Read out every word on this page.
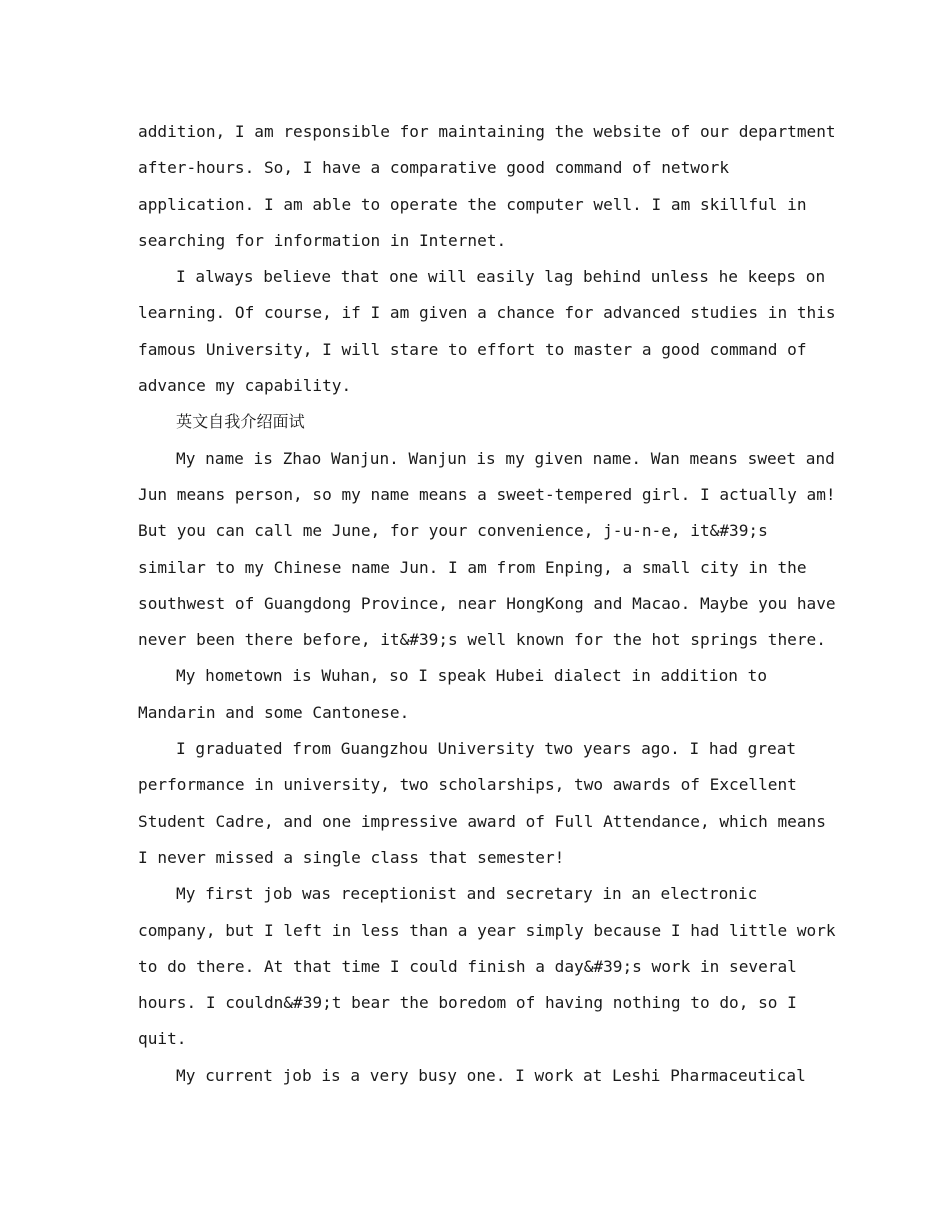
addition, I am responsible for maintaining the website of our department
after-hours. So, I have a comparative good command of network
application. I am able to operate the computer well. I am skillful in
searching for information in Internet.
I always believe that one will easily lag behind unless he keeps on
learning. Of course, if I am given a chance for advanced studies in this
famous University, I will stare to effort to master a good command of
advance my capability.
英文自我介绍面试
My name is Zhao Wanjun. Wanjun is my given name. Wan means sweet and
Jun means person, so my name means a sweet-tempered girl. I actually am!
But you can call me June, for your convenience, j-u-n-e, it&#39;s
similar to my Chinese name Jun. I am from Enping, a small city in the
southwest of Guangdong Province, near HongKong and Macao. Maybe you have
never been there before, it&#39;s well known for the hot springs there.
My hometown is Wuhan, so I speak Hubei dialect in addition to
Mandarin and some Cantonese.
I graduated from Guangzhou University two years ago. I had great
performance in university, two scholarships, two awards of Excellent
Student Cadre, and one impressive award of Full Attendance, which means
I never missed a single class that semester!
My first job was receptionist and secretary in an electronic
company, but I left in less than a year simply because I had little work
to do there. At that time I could finish a day&#39;s work in several
hours. I couldn&#39;t bear the boredom of having nothing to do, so I
quit.
My current job is a very busy one. I work at Leshi Pharmaceutical
